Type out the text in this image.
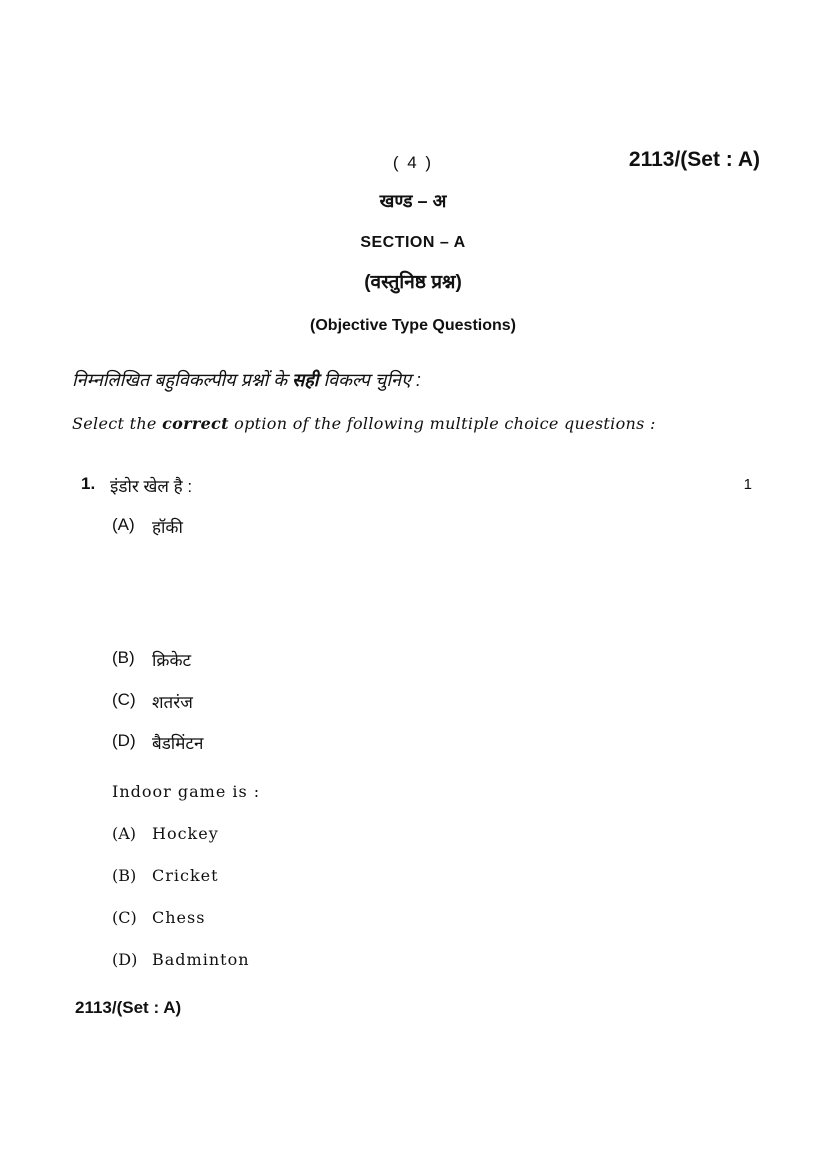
( 4 )	2113/(Set : A)
खण्ड – अ
SECTION – A
(वस्तुनिष्ठ प्रश्न)
(Objective Type Questions)
निम्नलिखित बहुविकल्पीय प्रश्नों के सही विकल्प चुनिए :
Select the correct option of the following multiple choice questions :
1. इंडोर खेल है :	1
(A) हॉकी
(B) क्रिकेट
(C) शतरंज
(D) बैडमिंटन
Indoor game is :
(A) Hockey
(B) Cricket
(C) Chess
(D) Badminton
2113/(Set : A)
